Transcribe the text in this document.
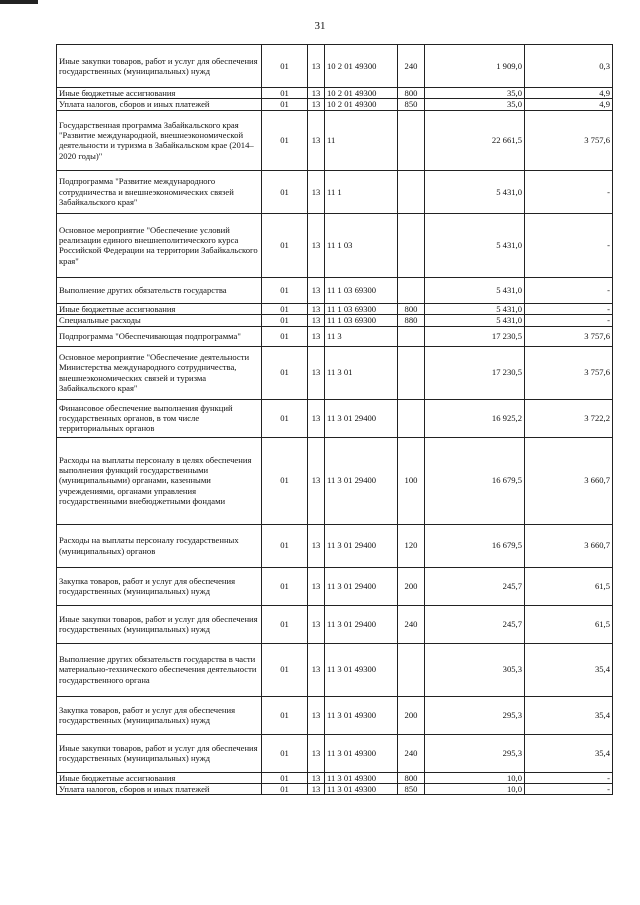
31
Иные закупки товаров, работ и услуг для обеспечения государственных (муниципальных) нужд	01	13	10 2 01 49300	240	1 909,0	0,3
Иные бюджетные ассигнования	01	13	10 2 01 49300	800	35,0	4,9
Уплата налогов, сборов и иных платежей	01	13	10 2 01 49300	850	35,0	4,9
Государственная программа Забайкальского края "Развитие международной, внешнеэкономической деятельности и туризма в Забайкальском крае (2014–2020 годы)"	01	13	11		22 661,5	3 757,6
Подпрограмма "Развитие международного сотрудничества и внешнеэкономических связей Забайкальского края"	01	13	11 1		5 431,0	-
Основное мероприятие "Обеспечение условий реализации единого внешнеполитического курса Российской Федерации на территории Забайкальского края"	01	13	11 1 03		5 431,0	-
Выполнение других обязательств государства	01	13	11 1 03 69300		5 431,0	-
Иные бюджетные ассигнования	01	13	11 1 03 69300	800	5 431,0	-
Специальные расходы	01	13	11 1 03 69300	880	5 431,0	-
Подпрограмма "Обеспечивающая подпрограмма"	01	13	11 3		17 230,5	3 757,6
Основное мероприятие "Обеспечение деятельности Министерства международного сотрудничества, внешнеэкономических связей и туризма Забайкальского края"	01	13	11 3 01		17 230,5	3 757,6
Финансовое обеспечение выполнения функций государственных органов, в том числе территориальных органов	01	13	11 3 01 29400		16 925,2	3 722,2
Расходы на выплаты персоналу в целях обеспечения выполнения функций государственными (муниципальными) органами, казенными учреждениями, органами управления государственными внебюджетными фондами	01	13	11 3 01 29400	100	16 679,5	3 660,7
Расходы на выплаты персоналу государственных (муниципальных) органов	01	13	11 3 01 29400	120	16 679,5	3 660,7
Закупка товаров, работ и услуг для обеспечения государственных (муниципальных) нужд	01	13	11 3 01 29400	200	245,7	61,5
Иные закупки товаров, работ и услуг для обеспечения государственных (муниципальных) нужд	01	13	11 3 01 29400	240	245,7	61,5
Выполнение других обязательств государства в части материально-технического обеспечения деятельности государственного органа	01	13	11 3 01 49300		305,3	35,4
Закупка товаров, работ и услуг для обеспечения государственных (муниципальных) нужд	01	13	11 3 01 49300	200	295,3	35,4
Иные закупки товаров, работ и услуг для обеспечения государственных (муниципальных) нужд	01	13	11 3 01 49300	240	295,3	35,4
Иные бюджетные ассигнования	01	13	11 3 01 49300	800	10,0	-
Уплата налогов, сборов и иных платежей	01	13	11 3 01 49300	850	10,0	-
